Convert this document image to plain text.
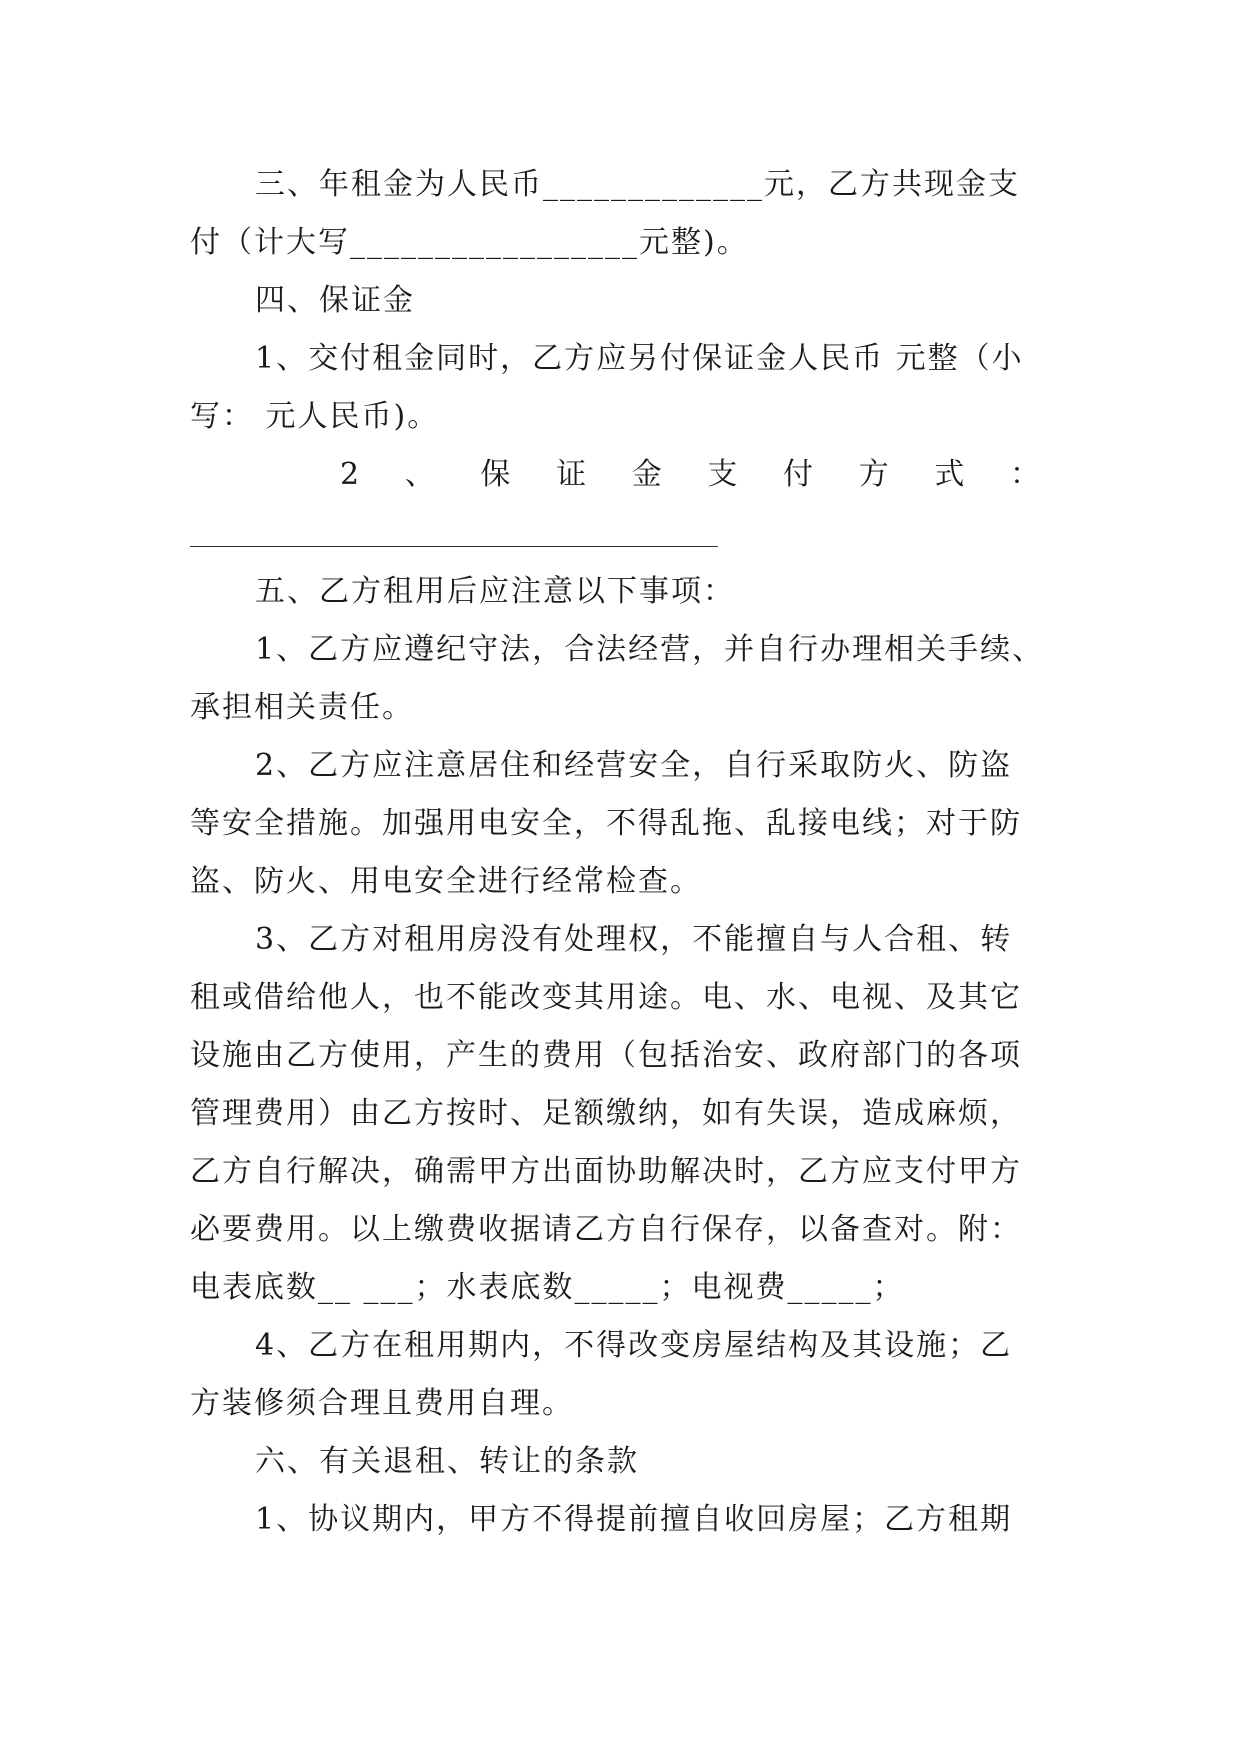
三、年租金为人民币_____________元，乙方共现金支
付（计大写_________________元整)。
四、保证金
1、交付租金同时，乙方应另付保证金人民币 元整（小
写： 元人民币)。
2 、 保 证 金 支 付 方 式 ：
五、乙方租用后应注意以下事项：
1、乙方应遵纪守法，合法经营，并自行办理相关手续、
承担相关责任。
2、乙方应注意居住和经营安全，自行采取防火、防盗
等安全措施。加强用电安全，不得乱拖、乱接电线；对于防
盗、防火、用电安全进行经常检查。
3、乙方对租用房没有处理权，不能擅自与人合租、转
租或借给他人，也不能改变其用途。电、水、电视、及其它
设施由乙方使用，产生的费用（包括治安、政府部门的各项
管理费用）由乙方按时、足额缴纳，如有失误，造成麻烦，
乙方自行解决，确需甲方出面协助解决时，乙方应支付甲方
必要费用。以上缴费收据请乙方自行保存，以备查对。附：
电表底数__ ___；水表底数_____；电视费_____；
4、乙方在租用期内，不得改变房屋结构及其设施；乙
方装修须合理且费用自理。
六、有关退租、转让的条款
1、协议期内，甲方不得提前擅自收回房屋；乙方租期
